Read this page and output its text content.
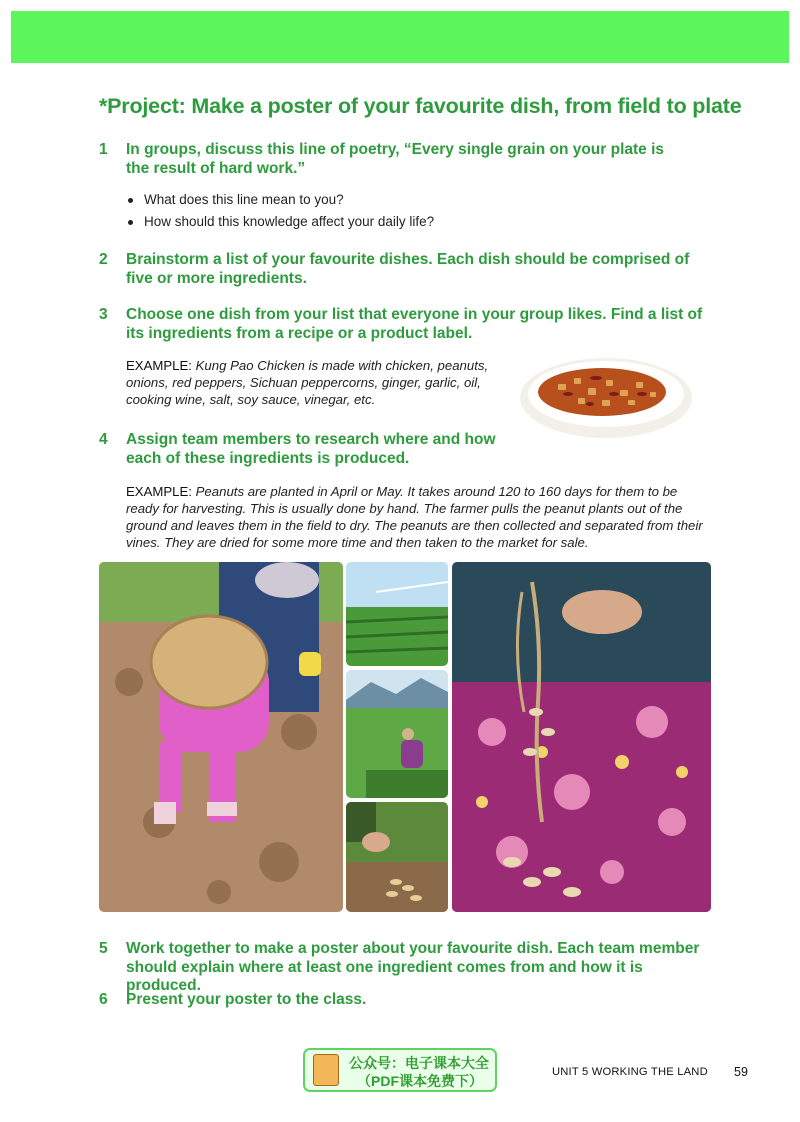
*Project: Make a poster of your favourite dish, from field to plate
1 In groups, discuss this line of poetry, “Every single grain on your plate is the result of hard work.”
What does this line mean to you?
How should this knowledge affect your daily life?
2 Brainstorm a list of your favourite dishes. Each dish should be comprised of five or more ingredients.
3 Choose one dish from your list that everyone in your group likes. Find a list of its ingredients from a recipe or a product label.
EXAMPLE: Kung Pao Chicken is made with chicken, peanuts, onions, red peppers, Sichuan peppercorns, ginger, garlic, oil, cooking wine, salt, soy sauce, vinegar, etc.
4 Assign team members to research where and how each of these ingredients is produced.
EXAMPLE: Peanuts are planted in April or May. It takes around 120 to 160 days for them to be ready for harvesting. This is usually done by hand. The farmer pulls the peanut plants out of the ground and leaves them in the field to dry. The peanuts are then collected and separated from their vines. They are dried for some more time and then taken to the market for sale.
5 Work together to make a poster about your favourite dish. Each team member should explain where at least one ingredient comes from and how it is produced.
6 Present your poster to the class.
公众号：电子课本大全
（PDF课本免费下）
UNIT 5 WORKING THE LAND 59
